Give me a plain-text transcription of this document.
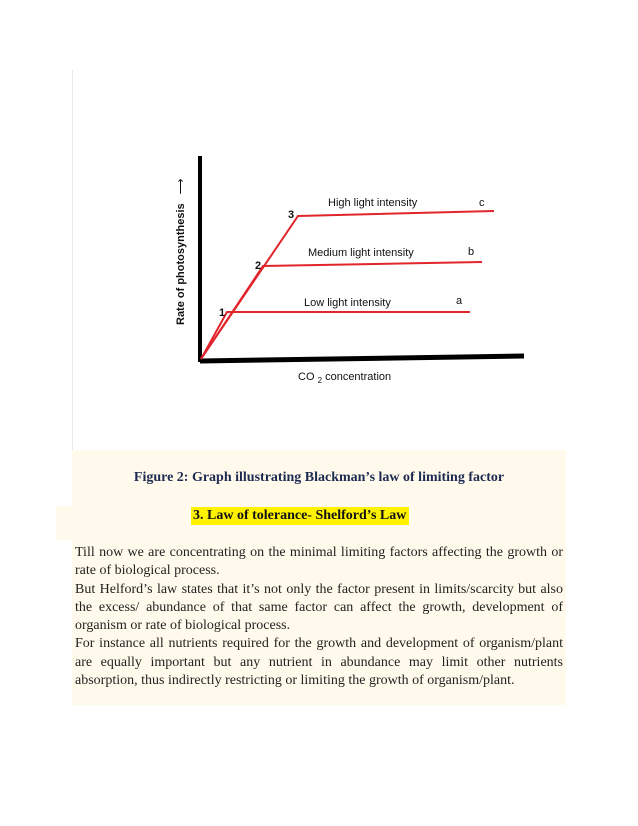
1
2
3
Low light intensity
Medium light intensity
High light intensity
a
b
c
Rate of photosynthesis ⟶
CO $_2$ concentration
Figure 2: Graph illustrating Blackman’s law of limiting factor
3. Law of tolerance- Shelford’s Law

Till now we are concentrating on the minimal limiting factors affecting the growth or rate of biological process.

But Helford’s law states that it’s not only the factor present in limits/scarcity but also the excess/ abundance of that same factor can affect the growth, development of organism or rate of biological process.

For instance all nutrients required for the growth and development of organism/plant are equally important but any nutrient in abundance may limit other nutrients absorption, thus indirectly restricting or limiting the growth of organism/plant.
